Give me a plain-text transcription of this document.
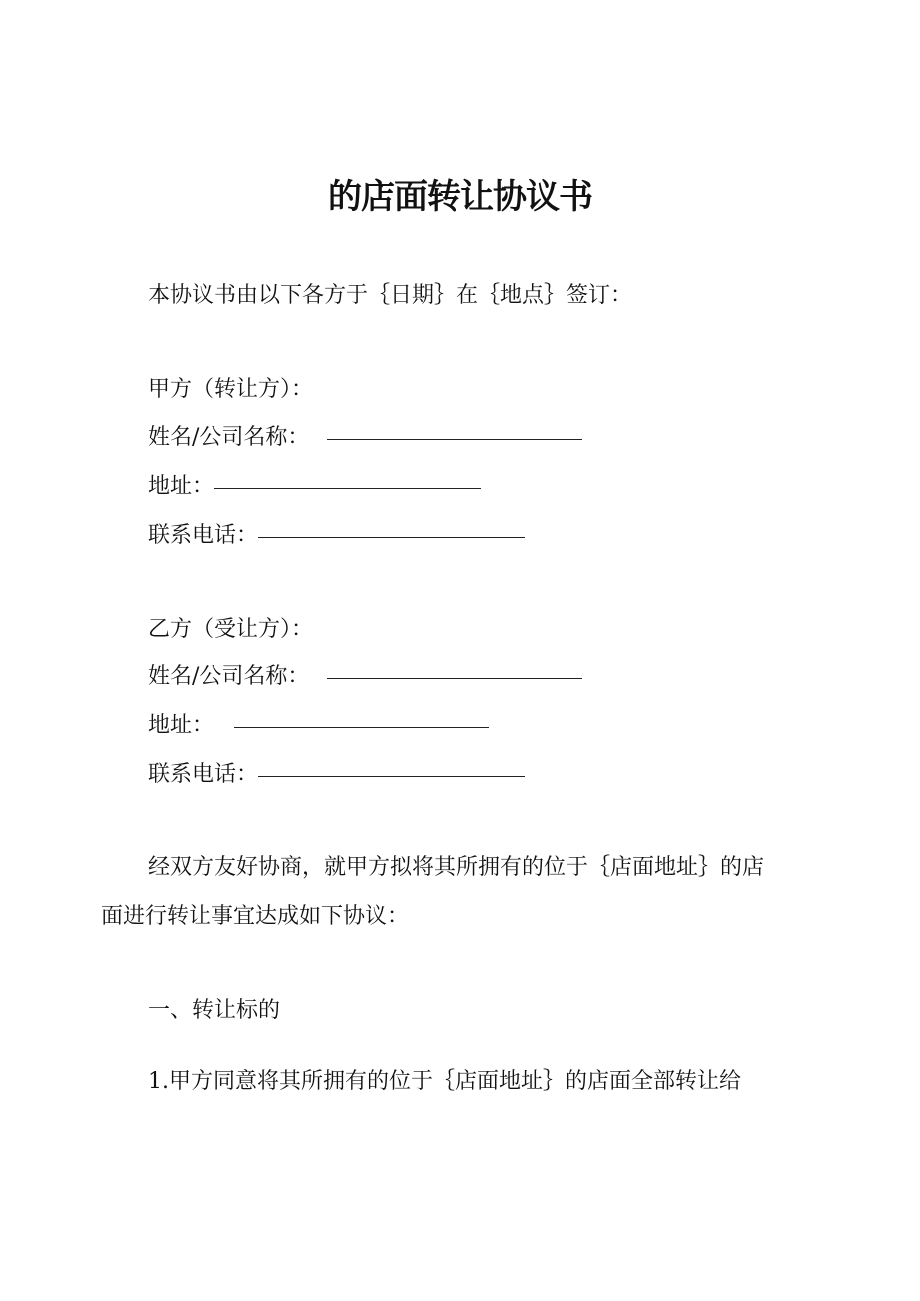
的店面转让协议书
本协议书由以下各方于｛日期｝在｛地点｝签订：
甲方（转让方）：
姓名/公司名称：
地址：
联系电话：
乙方（受让方）：
姓名/公司名称：
地址：
联系电话：
经双方友好协商，就甲方拟将其所拥有的位于｛店面地址｝的店
面进行转让事宜达成如下协议：
一、转让标的
1.甲方同意将其所拥有的位于｛店面地址｝的店面全部转让给
